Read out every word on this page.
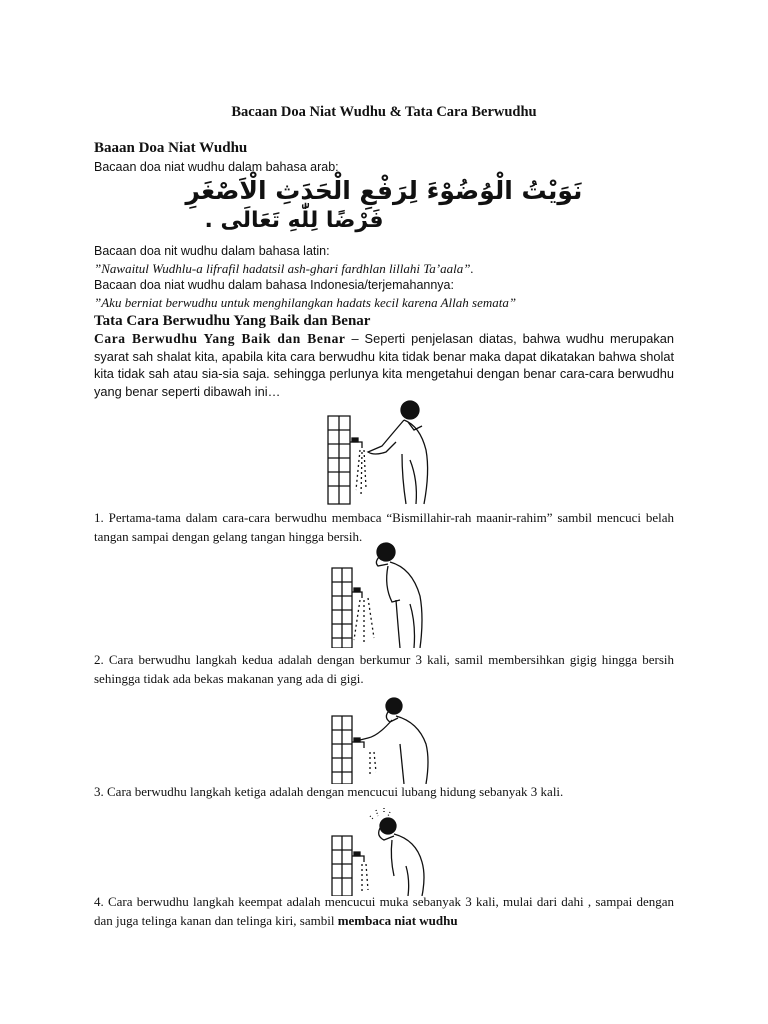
Bacaan Doa Niat Wudhu & Tata Cara Berwudhu
Baaan Doa Niat Wudhu
Bacaan doa niat wudhu dalam bahasa arab:
نَوَيْتُ الْوُضُوْءَ لِرَفْعِ الْحَدَثِ الْاَصْغَرِ
فَرْضًا لِلّٰهِ تَعَالَى .
Bacaan doa nit wudhu dalam bahasa latin:
”Nawaitul Wudhlu-a lifrafil hadatsil ash-ghari fardhlan lillahi Ta’aala”.
Bacaan doa niat wudhu dalam bahasa Indonesia/terjemahannya:
”Aku berniat berwudhu untuk menghilangkan hadats kecil karena Allah semata”
Tata Cara Berwudhu Yang Baik dan Benar
Cara Berwudhu Yang Baik dan Benar – Seperti penjelasan diatas, bahwa wudhu merupakan syarat sah shalat kita, apabila kita cara berwudhu kita tidak benar maka dapat dikatakan bahwa sholat kita tidak sah atau sia-sia saja. sehingga perlunya kita mengetahui dengan benar cara-cara berwudhu yang benar seperti dibawah ini…
1. Pertama-tama dalam cara-cara berwudhu membaca “Bismillahir-rah maanir-rahim” sambil mencuci belah tangan sampai dengan gelang tangan hingga bersih.
2. Cara berwudhu langkah kedua adalah dengan berkumur 3 kali, samil membersihkan gigig hingga bersih sehingga tidak ada bekas makanan yang ada di gigi.
3. Cara berwudhu langkah ketiga adalah dengan mencucui lubang hidung sebanyak 3 kali.
4. Cara berwudhu langkah keempat adalah mencucui muka sebanyak 3 kali, mulai dari dahi , sampai dengan dan juga telinga kanan dan telinga kiri, sambil membaca niat wudhu
